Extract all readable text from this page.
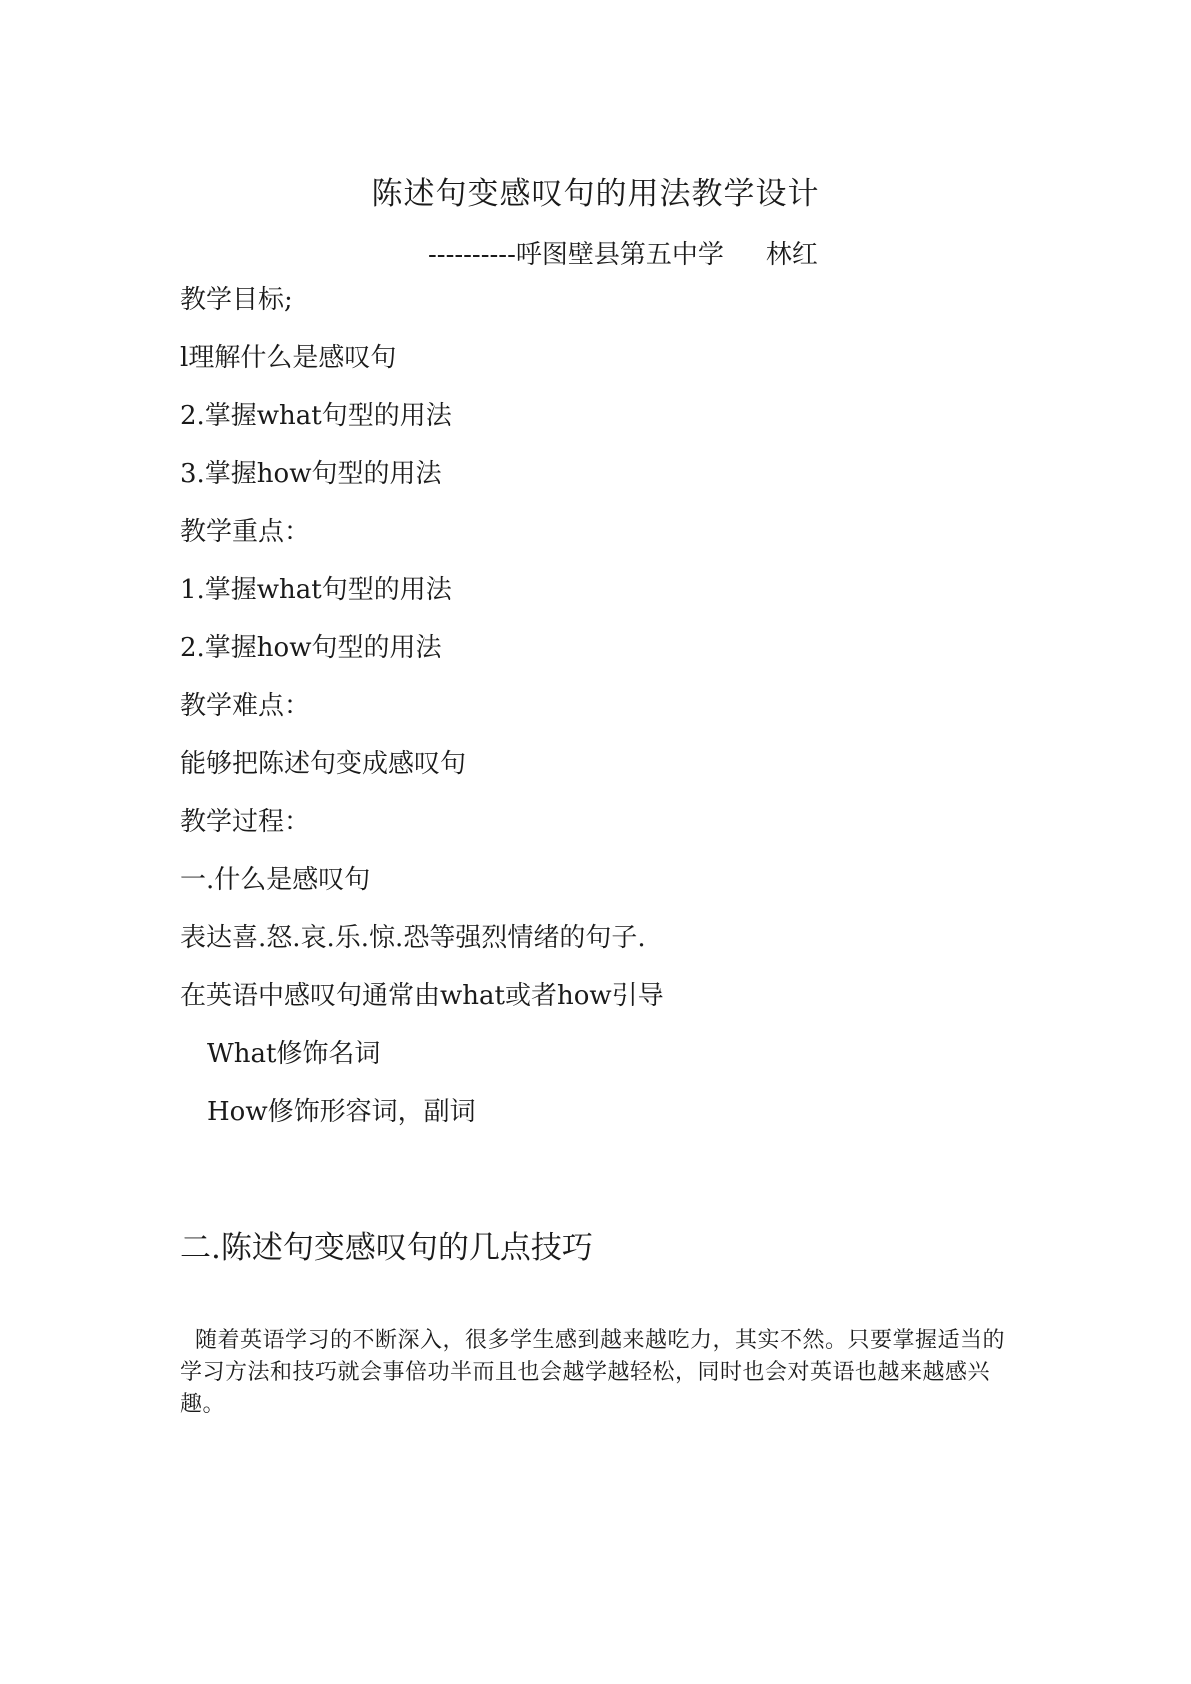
陈述句变感叹句的用法教学设计
----------呼图壁县第五中学 林红
教学目标;
l理解什么是感叹句
2.掌握what句型的用法
3.掌握how句型的用法
教学重点：
1.掌握what句型的用法
2.掌握how句型的用法
教学难点：
能够把陈述句变成感叹句
教学过程：
一.什么是感叹句
表达喜.怒.哀.乐.惊.恐等强烈情绪的句子.
在英语中感叹句通常由what或者how引导
What修饰名词
How修饰形容词，副词
二.陈述句变感叹句的几点技巧
随着英语学习的不断深入，很多学生感到越来越吃力，其实不然。只要掌握适当的学习方法和技巧就会事倍功半而且也会越学越轻松，同时也会对英语也越来越感兴趣。
